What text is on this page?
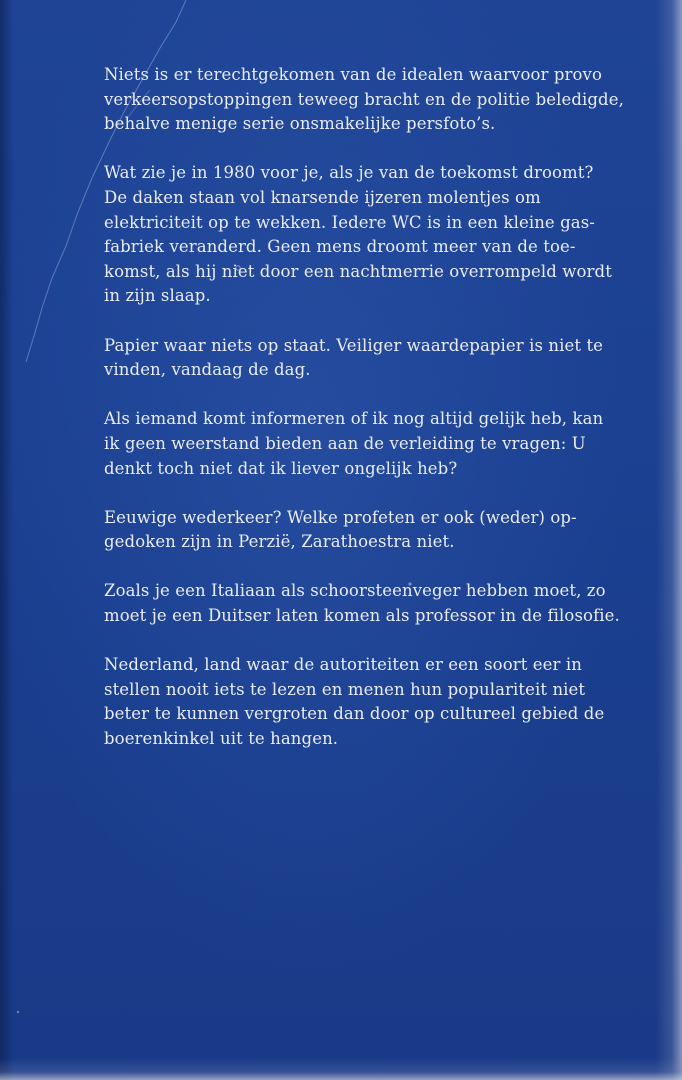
Niets is er terechtgekomen van de idealen waarvoor provo
verkeersopstoppingen teweeg bracht en de politie beledigde,
behalve menige serie onsmakelijke persfoto’s.

Wat zie je in 1980 voor je, als je van de toekomst droomt?
De daken staan vol knarsende ijzeren molentjes om
elektriciteit op te wekken. Iedere WC is in een kleine gas-
fabriek veranderd. Geen mens droomt meer van de toe-
komst, als hij niet door een nachtmerrie overrompeld wordt
in zijn slaap.

Papier waar niets op staat. Veiliger waardepapier is niet te
vinden, vandaag de dag.

Als iemand komt informeren of ik nog altijd gelijk heb, kan
ik geen weerstand bieden aan de verleiding te vragen: U
denkt toch niet dat ik liever ongelijk heb?

Eeuwige wederkeer? Welke profeten er ook (weder) op-
gedoken zijn in Perzië, Zarathoestra niet.

Zoals je een Italiaan als schoorsteenveger hebben moet, zo
moet je een Duitser laten komen als professor in de filosofie.

Nederland, land waar de autoriteiten er een soort eer in
stellen nooit iets te lezen en menen hun populariteit niet
beter te kunnen vergroten dan door op cultureel gebied de
boerenkinkel uit te hangen.
